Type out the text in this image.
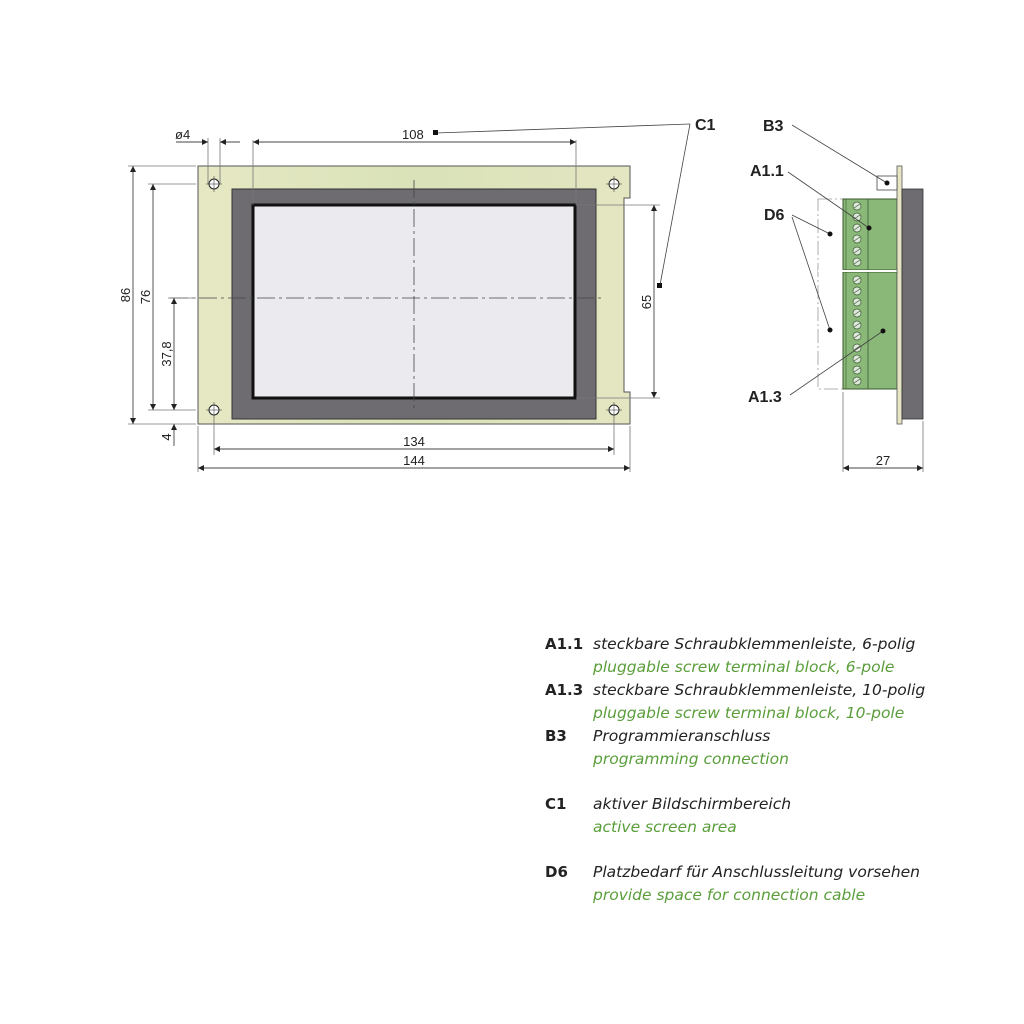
ø4	108
86 76
37,8
4
65
134
144
C1
27
B3
A1.1
D6
A1.3
A1.1 steckbare Schraubklemmenleiste, 6-polig
pluggable screw terminal block, 6-pole
A1.3 steckbare Schraubklemmenleiste, 10-polig
pluggable screw terminal block, 10-pole
B3	Programmieranschluss
programming connection
C1	aktiver Bildschirmbereich
active screen area
D6	Platzbedarf für Anschlussleitung vorsehen
provide space for connection cable
